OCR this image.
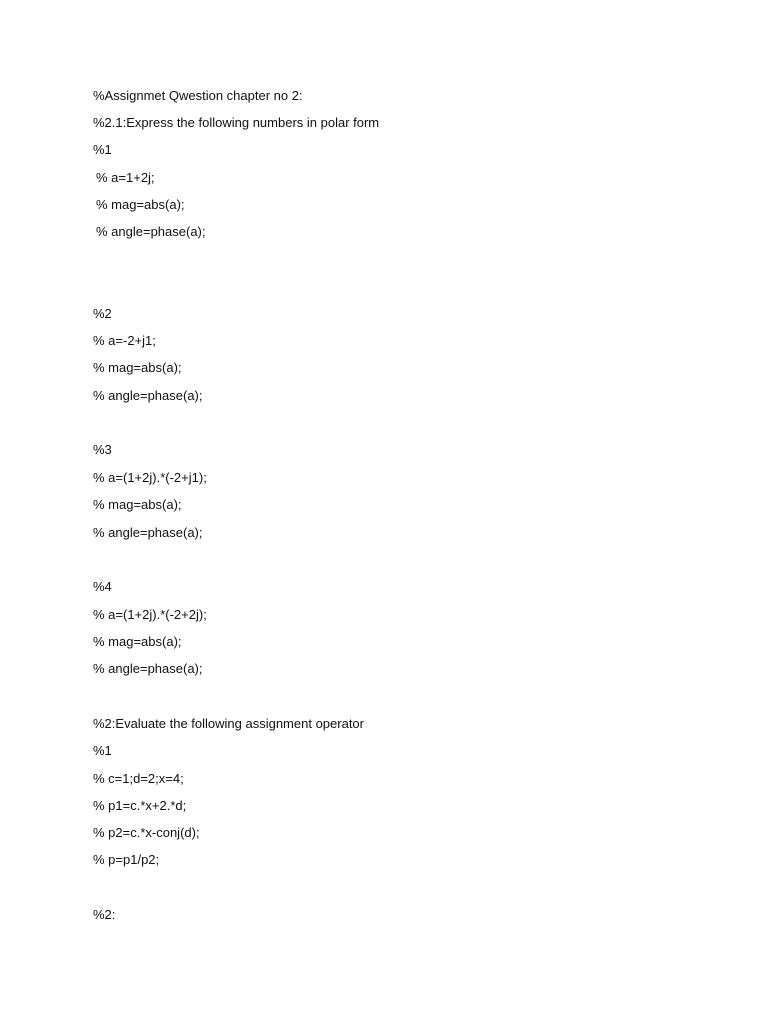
%Assignmet Qwestion chapter no 2:
%2.1:Express the following numbers in polar form
%1
% a=1+2j;
% mag=abs(a);
% angle=phase(a);
%2
% a=-2+j1;
% mag=abs(a);
% angle=phase(a);
%3
% a=(1+2j).*(-2+j1);
% mag=abs(a);
% angle=phase(a);
%4
% a=(1+2j).*(-2+2j);
% mag=abs(a);
% angle=phase(a);
%2:Evaluate the following assignment operator
%1
% c=1;d=2;x=4;
% p1=c.*x+2.*d;
% p2=c.*x-conj(d);
% p=p1/p2;
%2:
